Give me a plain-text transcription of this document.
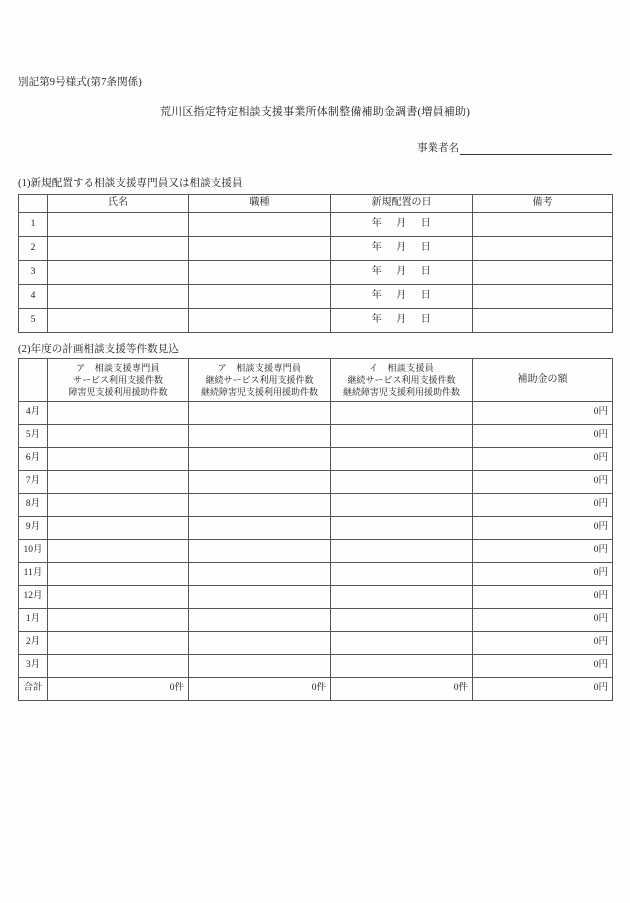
別記第9号様式(第7条関係)
荒川区指定特定相談支援事業所体制整備補助金調書(増員補助)
事業者名
(1)新規配置する相談支援専門員又は相談支援員
	氏名	職種	新規配置の日	備考
1			年 月 日	
2			年 月 日	
3			年 月 日	
4			年 月 日	
5			年 月 日	
(2)年度の計画相談支援等件数見込

	ア　相談支援専門員
サービス利用支援件数
障害児支援利用援助件数	ア　相談支援専門員
継続サービス利用支援件数
継続障害児支援利用援助件数	イ　相談支援員
継続サービス利用支援件数
継続障害児支援利用援助件数	補助金の額
4月				0円
5月				0円
6月				0円
7月				0円
8月				0円
9月				0円
10月				0円
11月				0円
12月				0円
1月				0円
2月				0円
3月				0円
合計	0件	0件	0件	0円
